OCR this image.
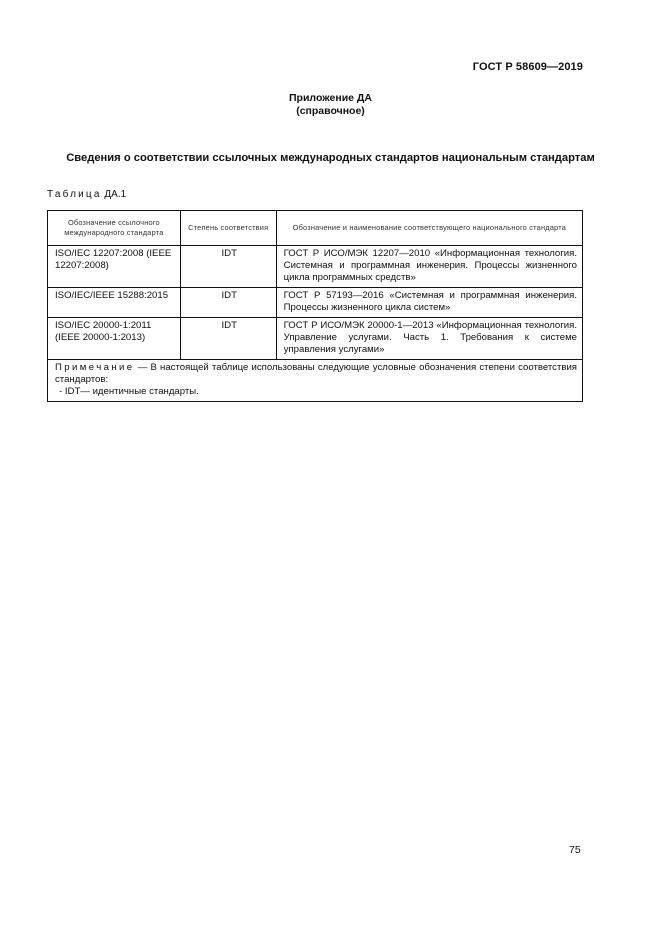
ГОСТ Р 58609—2019
Приложение ДА
(справочное)
Сведения о соответствии ссылочных международных стандартов национальным стандартам
Таблица ДА.1
Обозначение ссылочного международного стандарта	Степень соответствия	Обозначение и наименование соответствующего национального стандарта
ISO/IEC 12207:2008 (IEEE 12207:2008)	IDT	ГОСТ Р ИСО/МЭК 12207—2010 «Информационная технология. Системная и программная инженерия. Процессы жизненного цикла программных средств»
ISO/IEC/IEEE 15288:2015	IDT	ГОСТ Р 57193—2016 «Системная и программная инженерия. Процессы жизненного цикла систем»
ISO/IEC 20000-1:2011 (IEEE 20000-1:2013)	IDT	ГОСТ Р ИСО/МЭК 20000-1—2013 «Информационная технология. Управление услугами. Часть 1. Требования к системе управления услугами»
Примечание — В настоящей таблице использованы следующие условные обозначения степени соответствия стандартов:
- IDT— идентичные стандарты.		
75
